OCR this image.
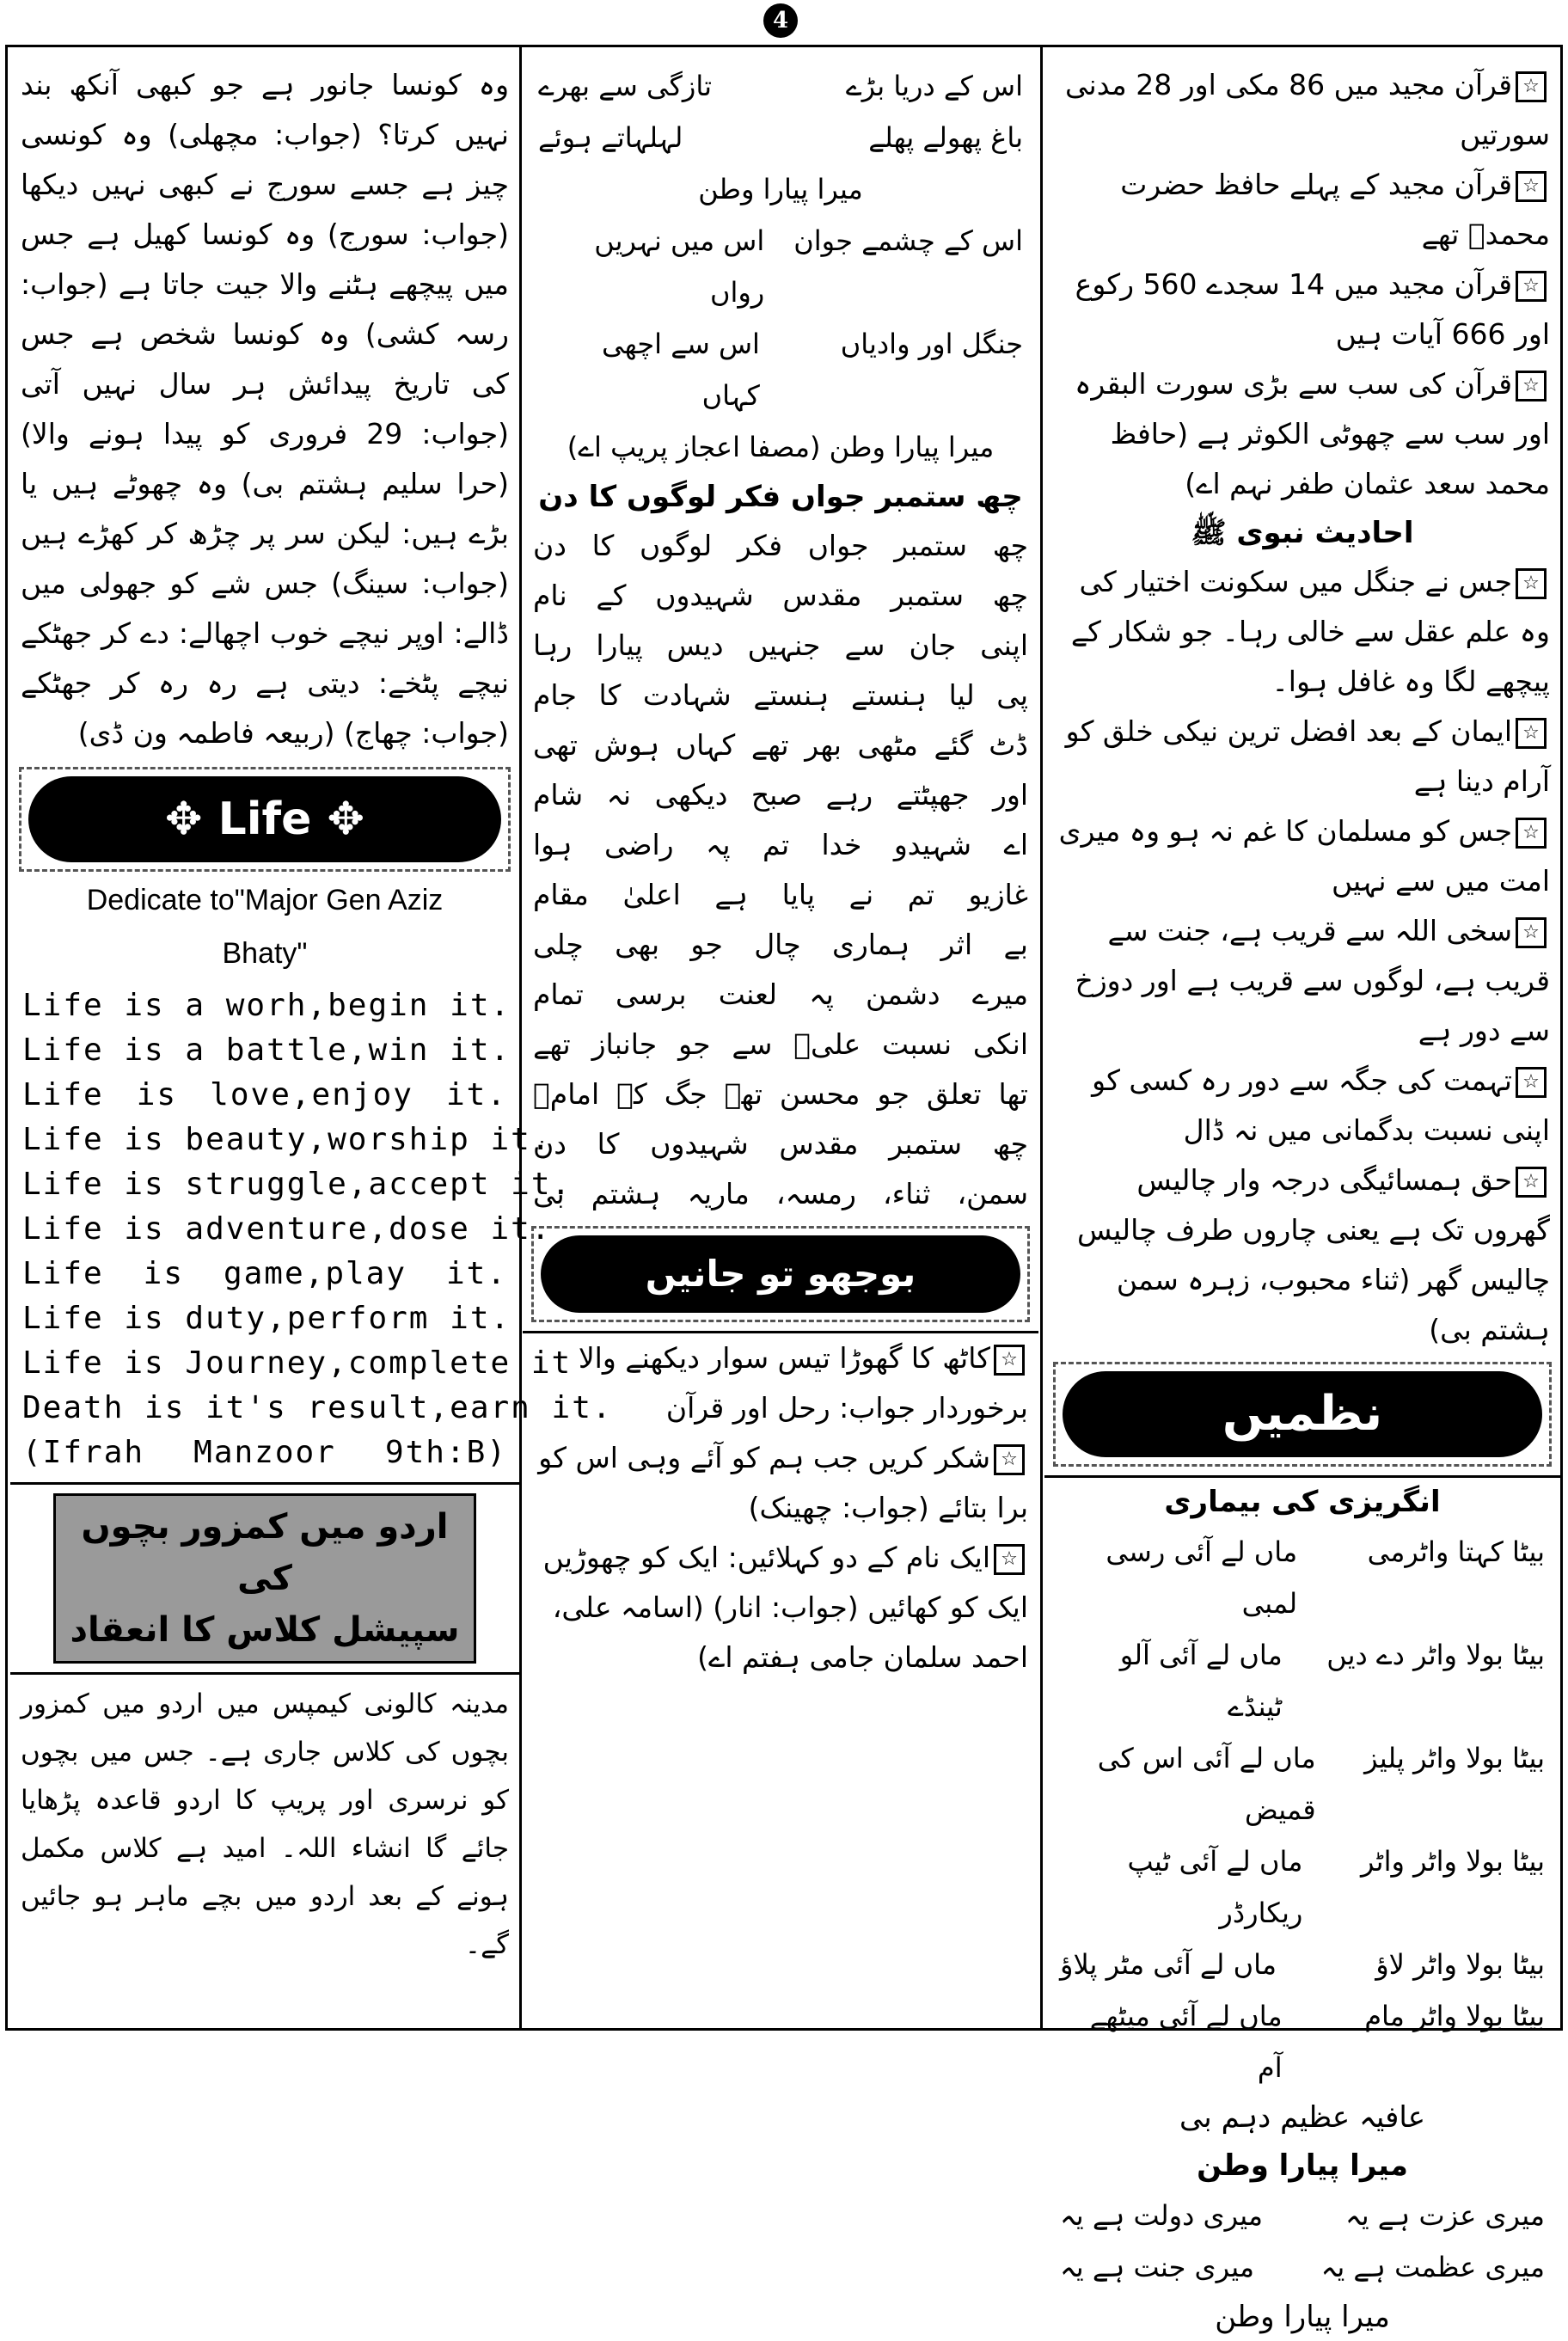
4
☆قرآن مجید میں 86 مکی اور 28 مدنی سورتیں
☆قرآن مجید کے پہلے حافظ حضرت محمدؐ تھے
☆قرآن مجید میں 14 سجدے 560 رکوع اور 666 آیات ہیں
☆قرآن کی سب سے بڑی سورت البقرہ اور سب سے چھوٹی الکوثر ہے (حافظ محمد سعد عثمان طفر نہم اے)
احادیث نبوی ﷺ
☆جس نے جنگل میں سکونت اختیار کی وہ علم عقل سے خالی رہا۔ جو شکار کے پیچھے لگا وہ غافل ہوا۔
☆ایمان کے بعد افضل ترین نیکی خلق کو آرام دینا ہے
☆جس کو مسلمان کا غم نہ ہو وہ میری امت میں سے نہیں
☆سخی اللہ سے قریب ہے، جنت سے قریب ہے، لوگوں سے قریب ہے اور دوزخ سے دور ہے
☆تہمت کی جگہ سے دور رہ کسی کو اپنی نسبت بدگمانی میں نہ ڈال
☆حق ہمسائیگی درجہ وار چالیس گھروں تک ہے یعنی چاروں طرف چالیس چالیس گھر (ثناء محبوب، زہرہ سمن ہشتم بی)
نظمیں
انگریزی کی بیماری
بیٹا کہتا واٹرمی
ماں لے آئی رسی لمبی
بیٹا بولا واٹر دے دیں
ماں لے آئی آلو ٹینڈے
بیٹا بولا واٹر پلیز
ماں لے آئی اس کی قمیض
بیٹا بولا واٹر واٹر
ماں لے آئی ٹیپ ریکارڈر
بیٹا بولا واٹر لاؤ
ماں لے آئی مٹر پلاؤ
بیٹا بولا واٹر مام
ماں لے آئی میٹھے آم
عافیہ عظیم دہم بی
میرا پیارا وطن
میری عزت ہے یہ
میری دولت ہے یہ
میری عظمت ہے یہ
میری جنت ہے یہ
میرا پیارا وطن
اس کے دریا بڑے
تازگی سے بھرے
باغ پھولے پھلے
لہلہاتے ہوئے
میرا پیارا وطن
اس کے چشمے جوان
اس میں نہریں رواں
جنگل اور وادیاں
اس سے اچھی کہاں
میرا پیارا وطن (مصفا اعجاز پریپ اے)
چھ ستمبر جواں فکر لوگوں کا دن
چھ ستمبر جواں فکر لوگوں کا دن
چھ ستمبر مقدس شہیدوں کے نام
اپنی جان سے جنہیں دیس پیارا رہا
پی لیا ہنستے ہنستے شہادت کا جام
ڈٹ گئے مٹھی بھر تھے کہاں ہوش تھی
اور جھپٹتے رہے صبح دیکھی نہ شام
اے شہیدو خدا تم پہ راضی ہوا
غازیو تم نے پایا ہے اعلیٰ مقام
بے اثر ہماری چال جو بھی چلی
میرے دشمن پہ لعنت برسی تمام
انکی نسبت علیؓ سے جو جانباز تھے
تھا تعلق جو محسن تھے جگ کے امامؑ
چھ ستمبر مقدس شہیدوں کا دن
سمن، ثناء، رمسہ، ماریہ ہشتم بی
بوجھو تو جانیں
☆کاٹھ کا گھوڑا تیس سوار دیکھنے والا برخوردار جواب: رحل اور قرآن
☆شکر کریں جب ہم کو آئے وہی اس کو برا بتائے (جواب: چھینک)
☆ایک نام کے دو کہلائیں: ایک کو چھوڑیں ایک کو کھائیں (جواب: انار) (اسامہ علی، احمد سلمان جامی ہفتم اے)
وہ کونسا جانور ہے جو کبھی آنکھ بند نہیں کرتا؟ (جواب: مچھلی) وہ کونسی چیز ہے جسے سورج نے کبھی نہیں دیکھا (جواب: سورج) وہ کونسا کھیل ہے جس میں پیچھے ہٹنے والا جیت جاتا ہے (جواب: رسہ کشی) وہ کونسا شخص ہے جس کی تاریخ پیدائش ہر سال نہیں آتی (جواب: 29 فروری کو پیدا ہونے والا) (حرا سلیم ہشتم بی) وہ چھوٹے ہیں یا بڑے ہیں: لیکن سر پر چڑھ کر کھڑے ہیں (جواب: سینگ) جس شے کو جھولی میں ڈالے: اوپر نیچے خوب اچھالے: دے کر جھٹکے نیچے پٹخے: دیتی ہے رہ رہ کر جھٹکے (جواب: چھاج) (ربیعہ فاطمہ ون ڈی)
✥ Life ✥
Dedicate to"Major Gen Aziz
Bhaty"
Life is a worh,begin it.
Life is a battle,win it.
Life is love,enjoy it.
Life is beauty,worship it.
Life is struggle,accept it.
Life is adventure,dose it.
Life is game,play it.
Life is duty,perform it.
Life is Journey,complete it
Death is it's result,earn it.
(Ifrah Manzoor 9th:B)
اردو میں کمزور بچوں کی
سپیشل کلاس کا انعقاد
مدینہ کالونی کیمپس میں اردو میں کمزور بچوں کی کلاس جاری ہے۔ جس میں بچوں کو نرسری اور پریپ کا اردو قاعدہ پڑھایا جائے گا انشاء اللہ۔ امید ہے کلاس مکمل ہونے کے بعد اردو میں بچے ماہر ہو جائیں گے۔
